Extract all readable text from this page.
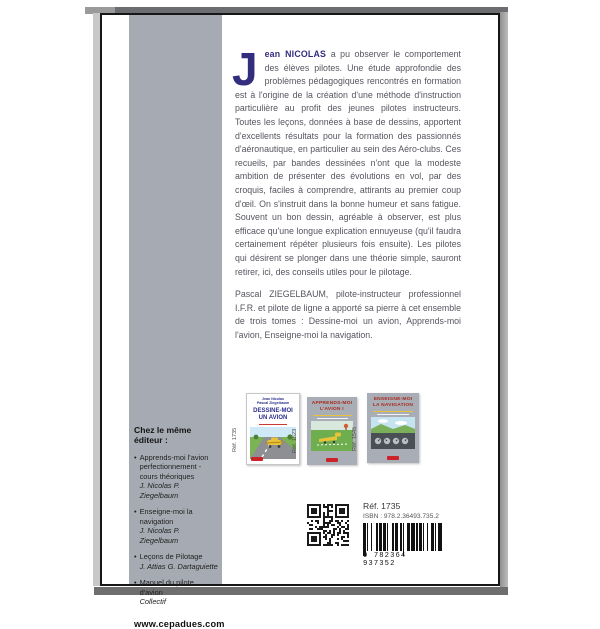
Jean NICOLAS a pu observer le comportement des élèves pilotes. Une étude approfondie des problèmes pédagogiques rencontrés en formation est à l'origine de la création d'une méthode d'instruction particulière au profit des jeunes pilotes instructeurs. Toutes les leçons, données à base de dessins, apportent d'excellents résultats pour la formation des passionnés d'aéronautique, en particulier au sein des Aéro-clubs. Ces recueils, par bandes dessinées n'ont que la modeste ambition de présenter des évolutions en vol, par des croquis, faciles à comprendre, attirants au premier coup d'œil. On s'instruit dans la bonne humeur et sans fatigue. Souvent un bon dessin, agréable à observer, est plus efficace qu'une longue explication ennuyeuse (qu'il faudra certainement répéter plusieurs fois ensuite). Les pilotes qui désirent se plonger dans une théorie simple, sauront retirer, ici, des conseils utiles pour le pilotage.
Pascal ZIEGELBAUM, pilote-instructeur professionnel I.F.R. et pilote de ligne a apporté sa pierre à cet ensemble de trois tomes : Dessine-moi un avion, Apprends-moi l'avion, Enseigne-moi la navigation.
Chez le même éditeur :
•
Apprends-moi l'avion perfectionnement - cours théoriques
J. Nicolas P. Ziegelbaum
•
Enseigne-moi la navigation
J. Nicolas P. Ziegelbaum
•
Leçons de Pilotage
J. Attias G. Dartaguiette
•
Manuel du pilote d'avion
Collectif
www.cepadues.com
Réf. 1735
Jean Nicolas
Pascal Ziegelbaum
DESSINE-MOI
UN AVION
Réf. 1523
APPRENDS-MOI
L'AVION !
Réf. 1545
ENSEIGNE-MOI
LA NAVIGATION
Réf. 1735
ISBN : 978.2.36493.735.2
9 782364 937352
